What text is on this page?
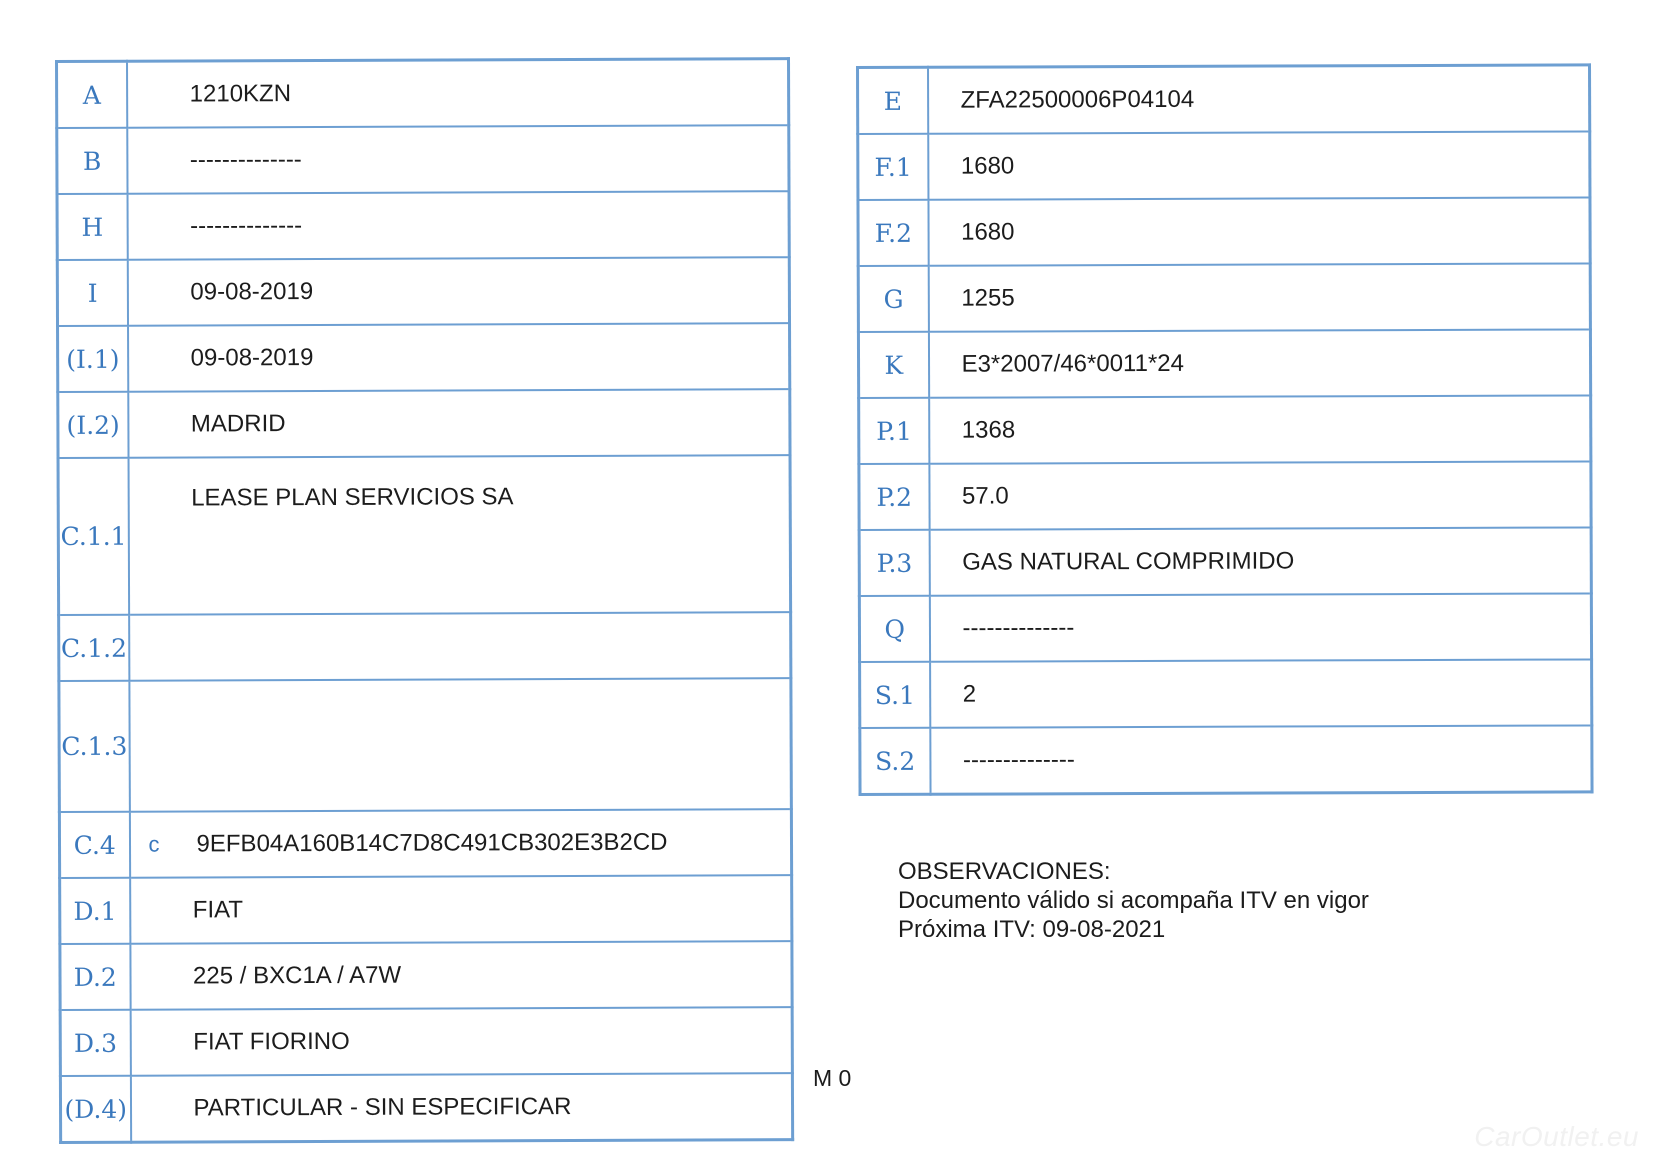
A	1210KZN
B	--------------
H	--------------
I	09-08-2019
(I.1)	09-08-2019
(I.2)	MADRID
C.1.1	LEASE PLAN SERVICIOS SA
C.1.2	
C.1.3	
C.4	c 9EFB04A160B14C7D8C491CB302E3B2CD

D.1	FIAT
D.2	225 / BXC1A / A7W
D.3	FIAT FIORINO
(D.4)	PARTICULAR - SIN ESPECIFICAR
E	ZFA22500006P04104
F.1	1680
F.2	1680
G	1255
K	E3*2007/46*0011*24
P.1	1368
P.2	57.0
P.3	GAS NATURAL COMPRIMIDO
Q	--------------
S.1	2
S.2	--------------
OBSERVACIONES:
Documento válido si acompaña ITV en vigor
Próxima ITV: 09-08-2021
M 0
CarOutlet.eu
